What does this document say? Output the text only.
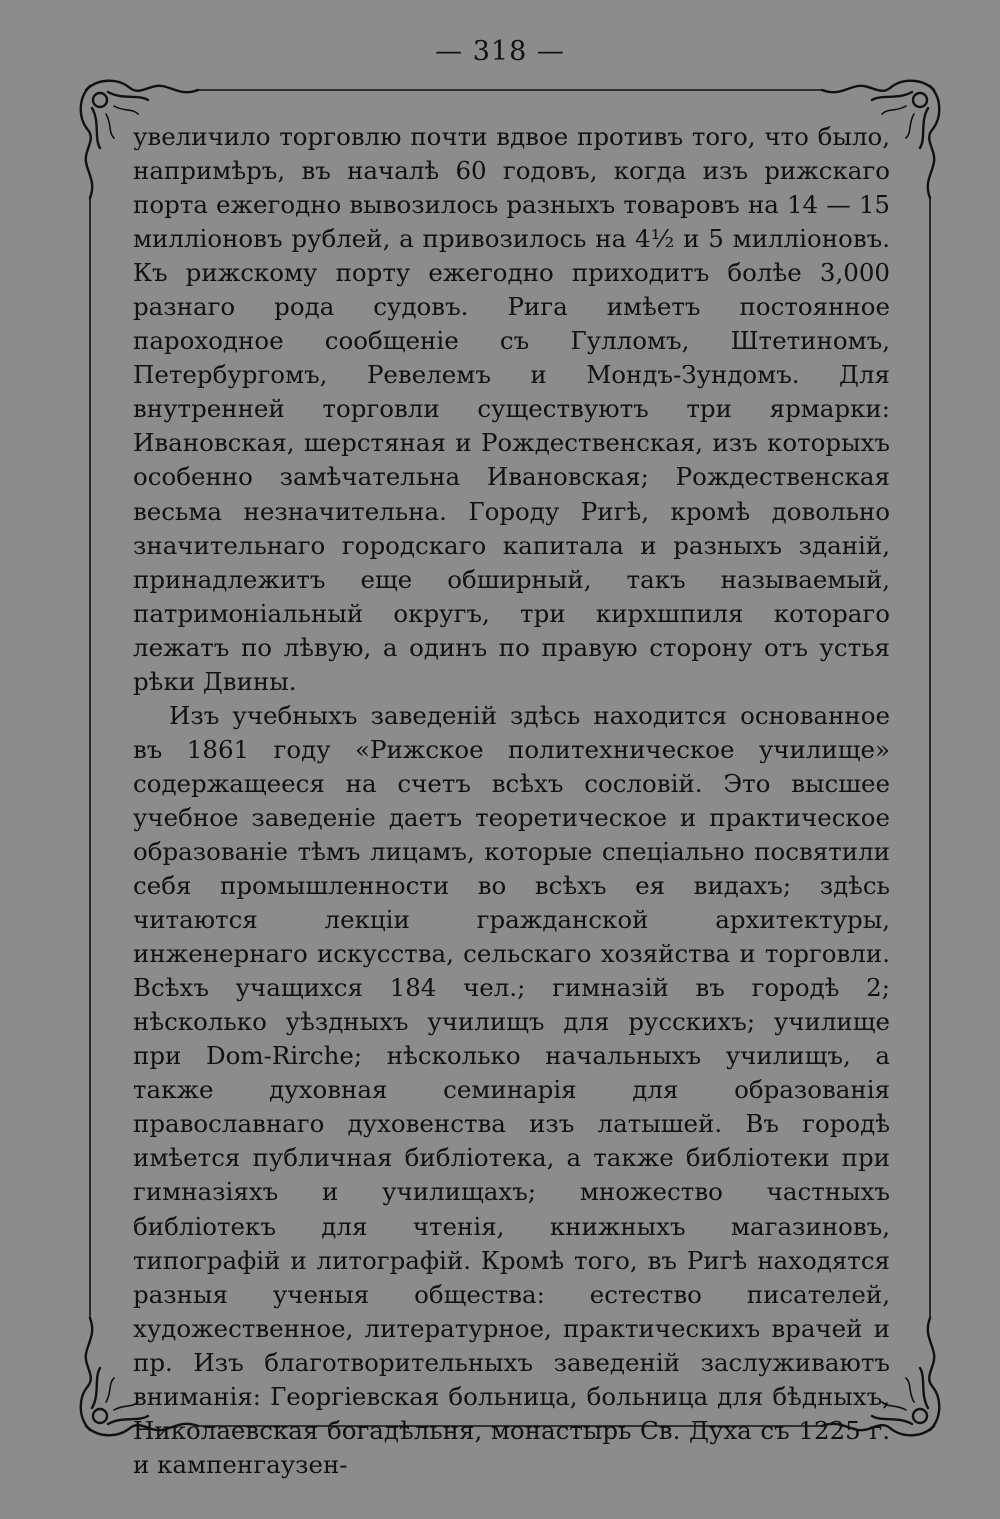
— 318 —

увеличило торговлю почти вдвое противъ того, что было, напримѣръ, въ началѣ 60 годовъ, когда изъ рижскаго порта ежегодно вывозилось разныхъ товаровъ на 14 — 15 милліоновъ рублей, а привозилось на 4½ и 5 милліоновъ. Къ рижскому порту ежегодно приходитъ болѣе 3,000 разнаго рода судовъ. Рига имѣетъ постоянное пароходное сообщеніе съ Гулломъ, Штетиномъ, Петербургомъ, Ревелемъ и Мондъ-Зундомъ. Для внутренней торговли существуютъ три ярмарки: Ивановская, шерстяная и Рождественская, изъ которыхъ особенно замѣчательна Ивановская; Рождественская весьма незначительна. Городу Ригѣ, кромѣ довольно значительнаго городскаго капитала и разныхъ зданій, принадлежитъ еще обширный, такъ называемый, патримоніальный округъ, три кирхшпиля котораго лежатъ по лѣвую, а одинъ по правую сторону отъ устья рѣки Двины.

Изъ учебныхъ заведеній здѣсь находится основанное въ 1861 году «Рижское политехническое училище» содержащееся на счетъ всѣхъ сословій. Это высшее учебное заведеніе даетъ теоретическое и практическое образованіе тѣмъ лицамъ, которые спеціально посвятили себя промышленности во всѣхъ ея видахъ; здѣсь читаются лекціи гражданской архитектуры, инженернаго искусства, сельскаго хозяйства и торговли. Всѣхъ учащихся 184 чел.; гимназій въ городѣ 2; нѣсколько уѣздныхъ училищъ для русскихъ; училище при Dom-Rirche; нѣсколько начальныхъ училищъ, а также духовная семинарія для образованія православнаго духовенства изъ латышей. Въ городѣ имѣется публичная библіотека, а также библіотеки при гимназіяхъ и училищахъ; множество частныхъ библіотекъ для чтенія, книжныхъ магазиновъ, типографій и литографій. Кромѣ того, въ Ригѣ находятся разныя ученыя общества: естество писателей, художественное, литературное, практическихъ врачей и пр. Изъ благотворительныхъ заведеній заслуживаютъ вниманія: Георгіевская больница, больница для бѣдныхъ, Николаевская богадѣльня, монастырь Св. Духа съ 1225 г. и кампенгаузен-
